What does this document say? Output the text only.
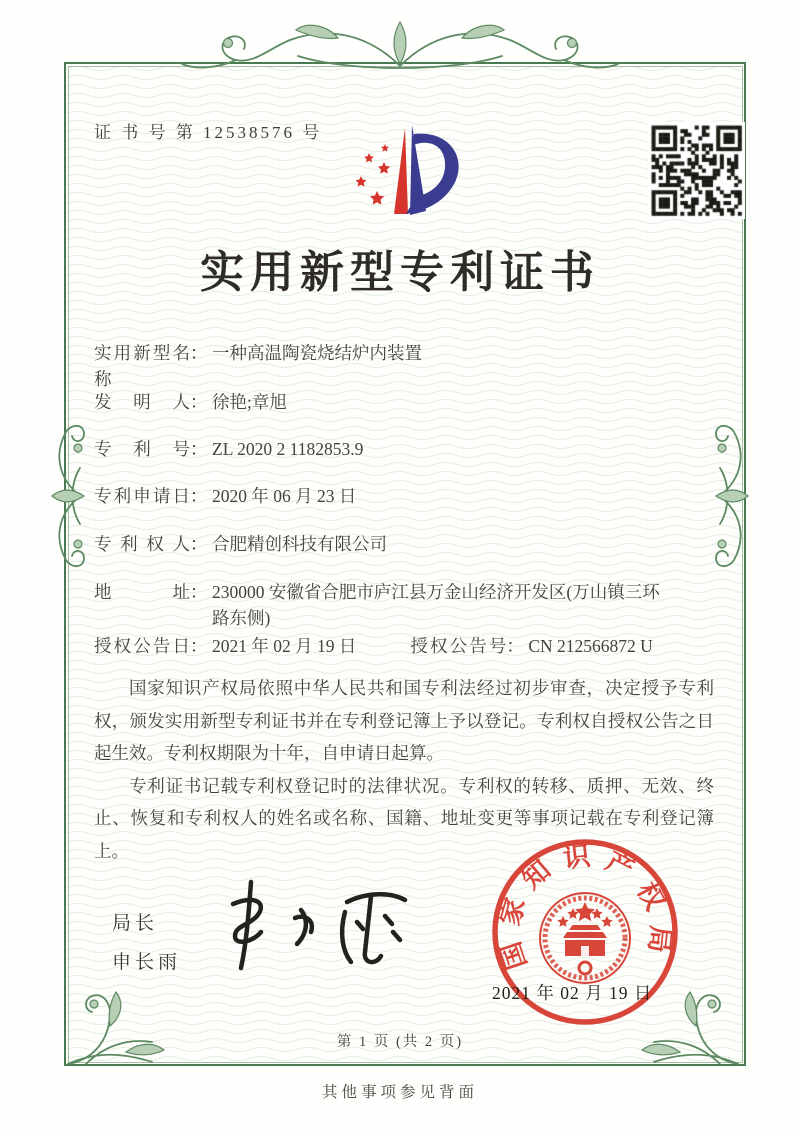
证 书 号 第 12538576 号
实用新型专利证书
实用新型名称
： 一种高温陶瓷烧结炉内装置
发明人 ： 徐艳;章旭
专利号 ： ZL 2020 2 1182853.9
专利申请日 ： 2020 年 06 月 23 日
专利权人 ： 合肥精创科技有限公司
地址 ： 230000 安徽省合肥市庐江县万金山经济开发区(万山镇三环路东侧)
授权公告日 ： 2021 年 02 月 19 日	授权公告号 ： CN 212566872 U

国家知识产权局依照中华人民共和国专利法经过初步审查，决定授予专利权，颁发实用新型专利证书并在专利登记簿上予以登记。专利权自授权公告之日起生效。专利权期限为十年，自申请日起算。

专利证书记载专利权登记时的法律状况。专利权的转移、质押、无效、终止、恢复和专利权人的姓名或名称、国籍、地址变更等事项记载在专利登记簿上。

局长
申长雨	国家知识产权局
2021 年 02 月 19 日
第 1 页 (共 2 页)
其他事项参见背面
